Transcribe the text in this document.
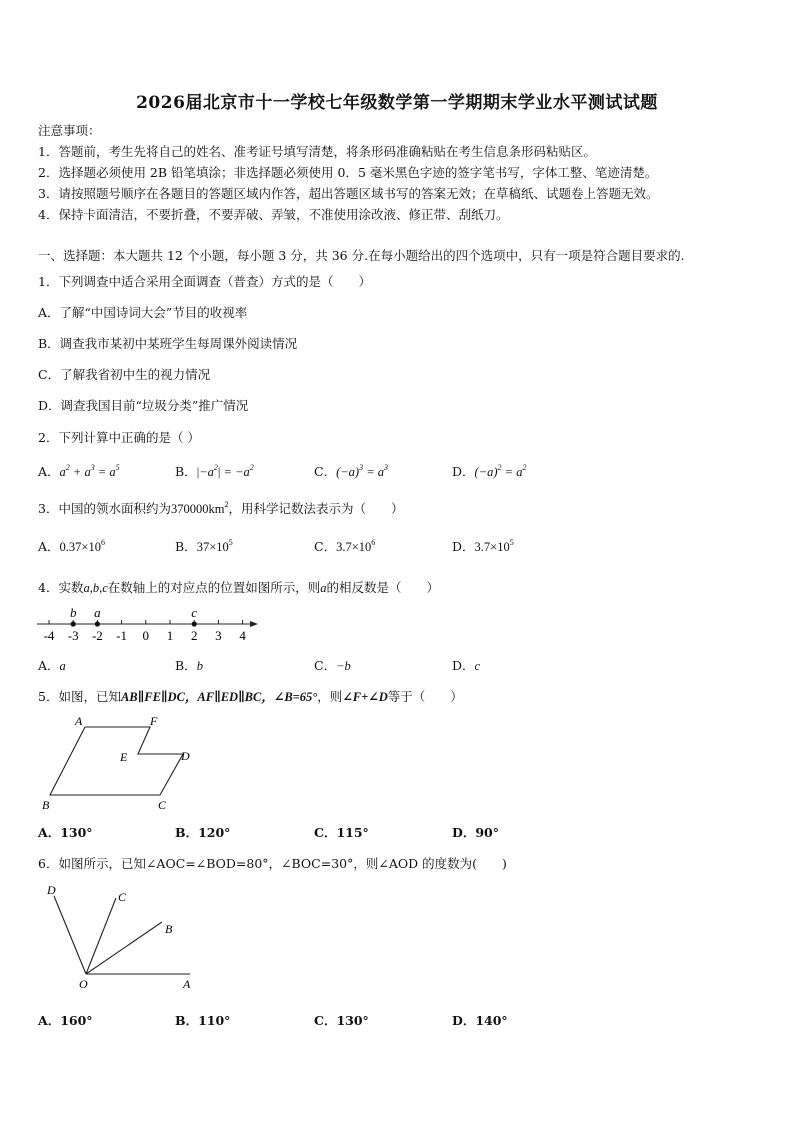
2026届北京市十一学校七年级数学第一学期期末学业水平测试试题
注意事项：
1．答题前，考生先将自己的姓名、准考证号填写清楚，将条形码准确粘贴在考生信息条形码粘贴区。
2．选择题必须使用 2B 铅笔填涂；非选择题必须使用 0．5 毫米黑色字迹的签字笔书写，字体工整、笔迹清楚。
3．请按照题号顺序在各题目的答题区域内作答，超出答题区域书写的答案无效；在草稿纸、试题卷上答题无效。
4．保持卡面清洁，不要折叠，不要弄破、弄皱，不准使用涂改液、修正带、刮纸刀。
一、选择题：本大题共 12 个小题，每小题 3 分，共 36 分.在每小题给出的四个选项中，只有一项是符合题目要求的.
1．下列调查中适合采用全面调查（普查）方式的是（　　）
A．了解“中国诗词大会”节目的收视率
B．调查我市某初中某班学生每周课外阅读情况
C．了解我省初中生的视力情况
D．调查我国目前“垃圾分类”推广情况
2．下列计算中正确的是（ ）
A．$a^2 + a^3 = a^5$	B．$|-a^2| = -a^2$	C．$(-a)^3 = a^3$	D．$(-a)^2 = a^2$
3．中国的领水面积约为$370000km^2$，用科学记数法表示为（　　）
A．$0.37\times 10^6$	B．$37\times 10^5$	C．$3.7\times 10^6$	D．$3.7\times 10^5$
4．实数a,b,c在数轴上的对应点的位置如图所示，则a的相反数是（　　）
-4 -3 -2 -1 0 1 2 3 4
b a	c
A．a	B．b	C．−b	D．c
5．如图，已知AB∥FE∥DC，AF∥ED∥BC，∠B=65°，则∠F+∠D等于（　　）
A	F
E	D
B	C
A．130°	B．120°	C．115°	D．90°
6．如图所示，已知∠AOC=∠BOD=80°，∠BOC=30°，则∠AOD 的度数为(　　)
D	C
B
O	A
A．160°	B．110°	C．130°	D．140°
